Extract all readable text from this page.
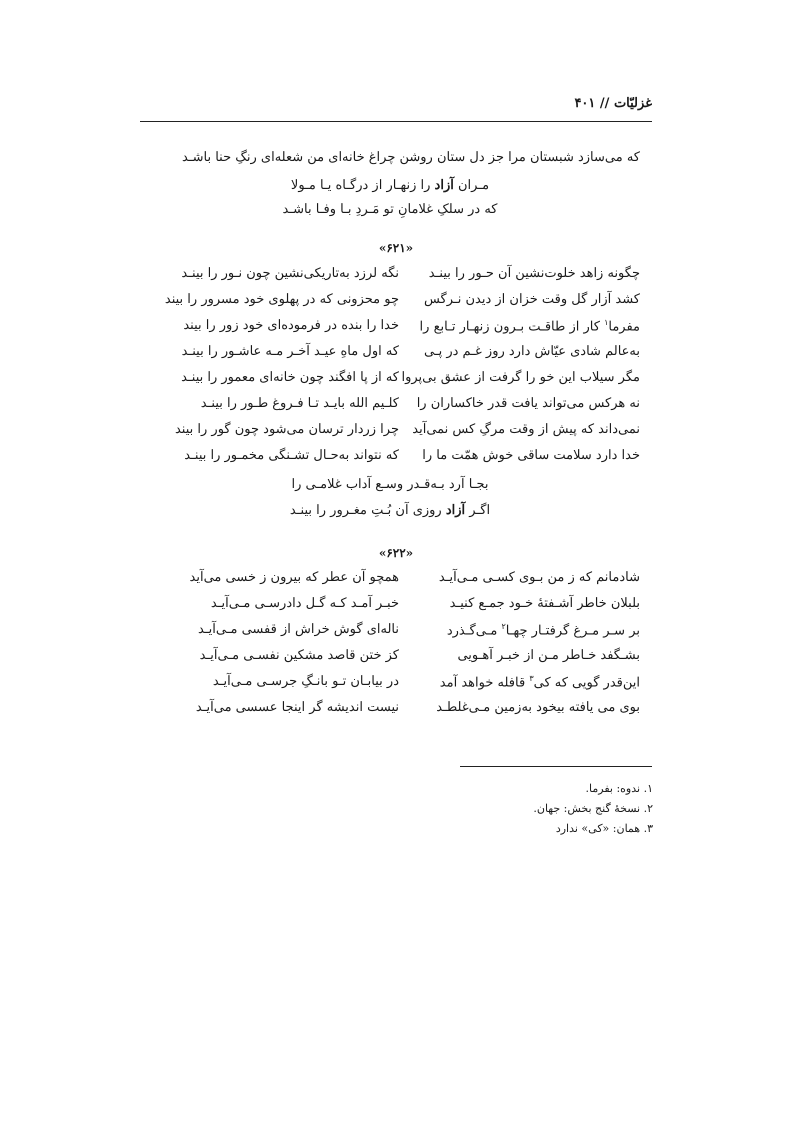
غزلیّات // ۴۰۱
که می‌سازد شبستان مرا جز دل ستان روشن چراغ خانه‌ای من شعله‌ای رنگِ حنا باشـد
مـران آزاد را زنهـار از درگـاه یـا مـولا
که در سلکِ غلامانِ تو مَـردِ بـا وفـا باشـد
«۶۲۱»
چگونه زاهد خلوت‌نشین آن حـور را بینـد
نگه لرزد به‌تاریکی‌نشین چون نـور را بینـد
کشد آزار گل وقت خزان از دیدن نـرگس
چو محزونی که در پهلوی خود مسرور را بیند
مفرما$^۱$ کار از طاقـت بـرون زنهـار تـابع را
خدا را بنده در فرموده‌ای خود زور را بیند
به‌عالم شادی عیّاش دارد روز غـم در پـی
که اول ماهِ عیـد آخـر مـه عاشـور را بینـد
مگر سیلاب این خو را گرفت از عشق بی‌پروا
که از پا افگند چون خانه‌ای معمور را بینـد
نه هرکس می‌تواند یافت قدر خاکساران را
کلـیم الله بایـد تـا فـروغ طـور را بینـد
نمی‌داند که پیش از وقت مرگِ کس نمی‌آید
چرا زردار ترسان می‌شود چون گور را بیند
خدا دارد سلامت ساقی خوش همّت ما را
که نتواند به‌حـال تشـنگی مخمـور را بینـد
بجـا آرد بـه‌قـدر وسـع آداب غلامـی را
اگـر آزاد روزی آن بُـتِ مغـرور را بینـد
«۶۲۲»
شادمانم که ز من بـوی کسـی مـی‌آیـد
همچو آن عطر که بیرون ز خسی می‌آید
بلبلان خاطر آشـفتهٔ خـود جمـع کنیـد
خبـر آمـد کـه گـل دادرسـی مـی‌آیـد
بر سـر مـرغ گرفتـار چهـا$^۲$ مـی‌گـذرد
ناله‌ای گوش خراش از قفسی مـی‌آیـد
بشـگفد خـاطر مـن از خبـر آهـویی
کز ختن قاصد مشکین نفسـی مـی‌آیـد
این‌قدر گویی که کی$^۳$ قافله خواهد آمد
در بیابـان تـو بانـگِ جرسـی مـی‌آیـد
بوی می یافته بیخود به‌زمین مـی‌غلطـد
نیست اندیشه گر اینجا عسسی می‌آیـد
۱. ندوه: بفرما.
۲. نسخهٔ گنج بخش: جهان.
۳. همان: «کی» ندارد
